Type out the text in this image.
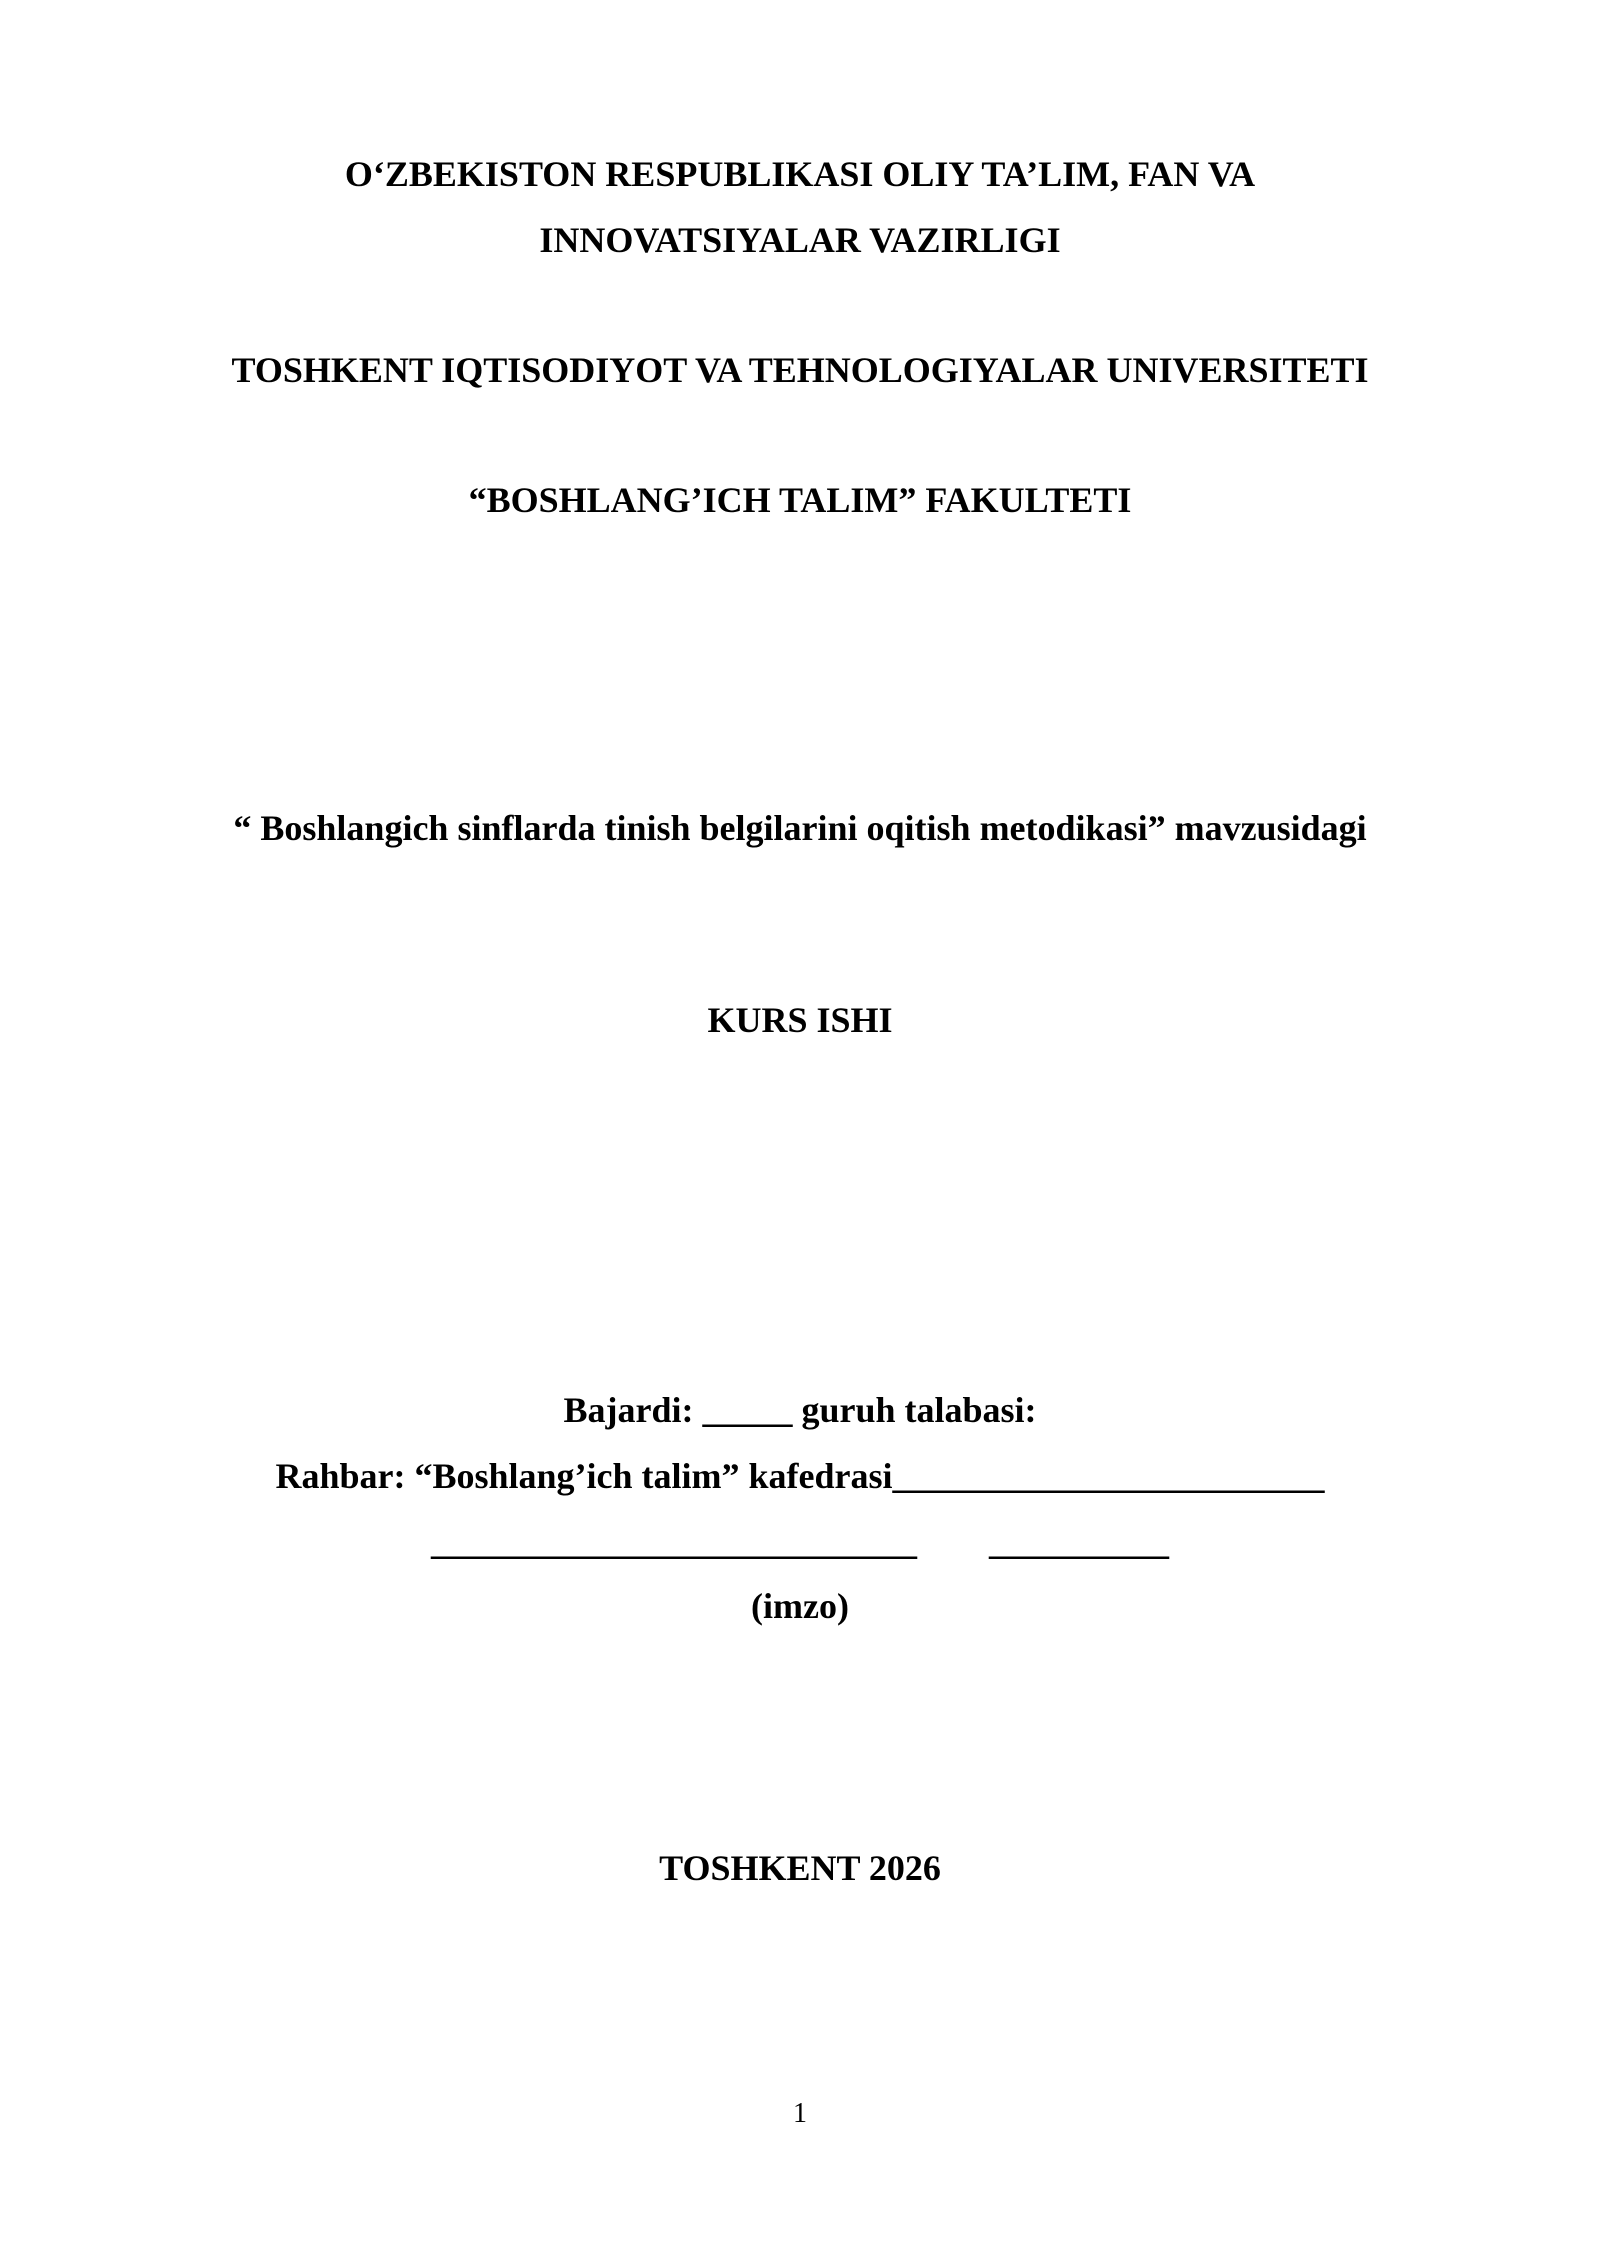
O‘ZBEKISTON RESPUBLIKASI OLIY TA’LIM, FAN VA
INNOVATSIYALAR VAZIRLIGI
TOSHKENT IQTISODIYOT VA TEHNOLOGIYALAR UNIVERSITETI
“BOSHLANG’ICH TALIM” FAKULTETI
“ Boshlangich sinflarda tinish belgilarini oqitish metodikasi” mavzusidagi
KURS ISHI
Bajardi: _____ guruh talabasi:
Rahbar: “Boshlang’ich talim” kafedrasi________________________
___________________________        __________
(imzo)
TOSHKENT 2026
1
